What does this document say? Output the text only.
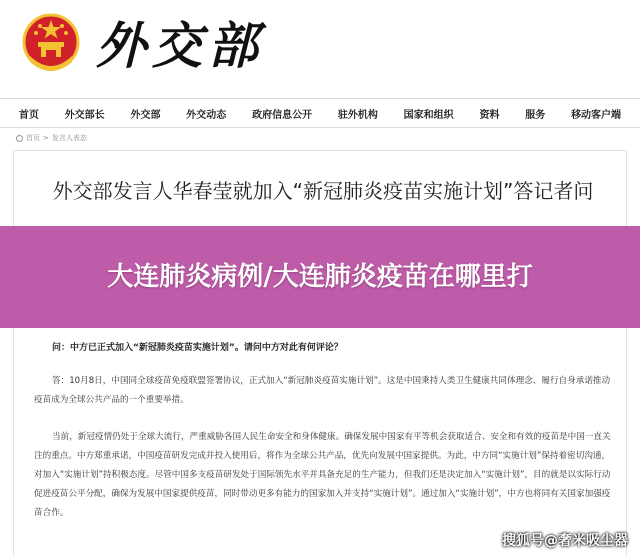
外交部
首页	外交部长	外交部	外交动态	政府信息公开	驻外机构	国家和组织	资料	服务	移动客户端
首页 > 发言人表态
外交部发言人华春莹就加入“新冠肺炎疫苗实施计划”答记者问
问：中方已正式加入“新冠肺炎疫苗实施计划”。请问中方对此有何评论？

答：10月8日，中国同全球疫苗免疫联盟签署协议，正式加入“新冠肺炎疫苗实施计划”。这是中国秉持人类卫生健康共同体理念、履行自身承诺推动疫苗成为全球公共产品的一个重要举措。

当前，新冠疫情仍处于全球大流行，严重威胁各国人民生命安全和身体健康。确保发展中国家有平等机会获取适合、安全和有效的疫苗是中国一直关注的重点。中方郑重承诺，中国疫苗研发完成并投入使用后，将作为全球公共产品，优先向发展中国家提供。为此，中方同“实施计划”保持着密切沟通，对加入“实施计划”持积极态度。尽管中国多支疫苗研发处于国际领先水平并具备充足的生产能力，但我们还是决定加入“实施计划”，目的就是以实际行动促进疫苗公平分配，确保为发展中国家提供疫苗，同时带动更多有能力的国家加入并支持“实施计划”。通过加入“实施计划”，中方也将同有关国家加强疫苗合作。

大连肺炎病例/大连肺炎疫苗在哪里打
搜狐号@奢米吸尘器
